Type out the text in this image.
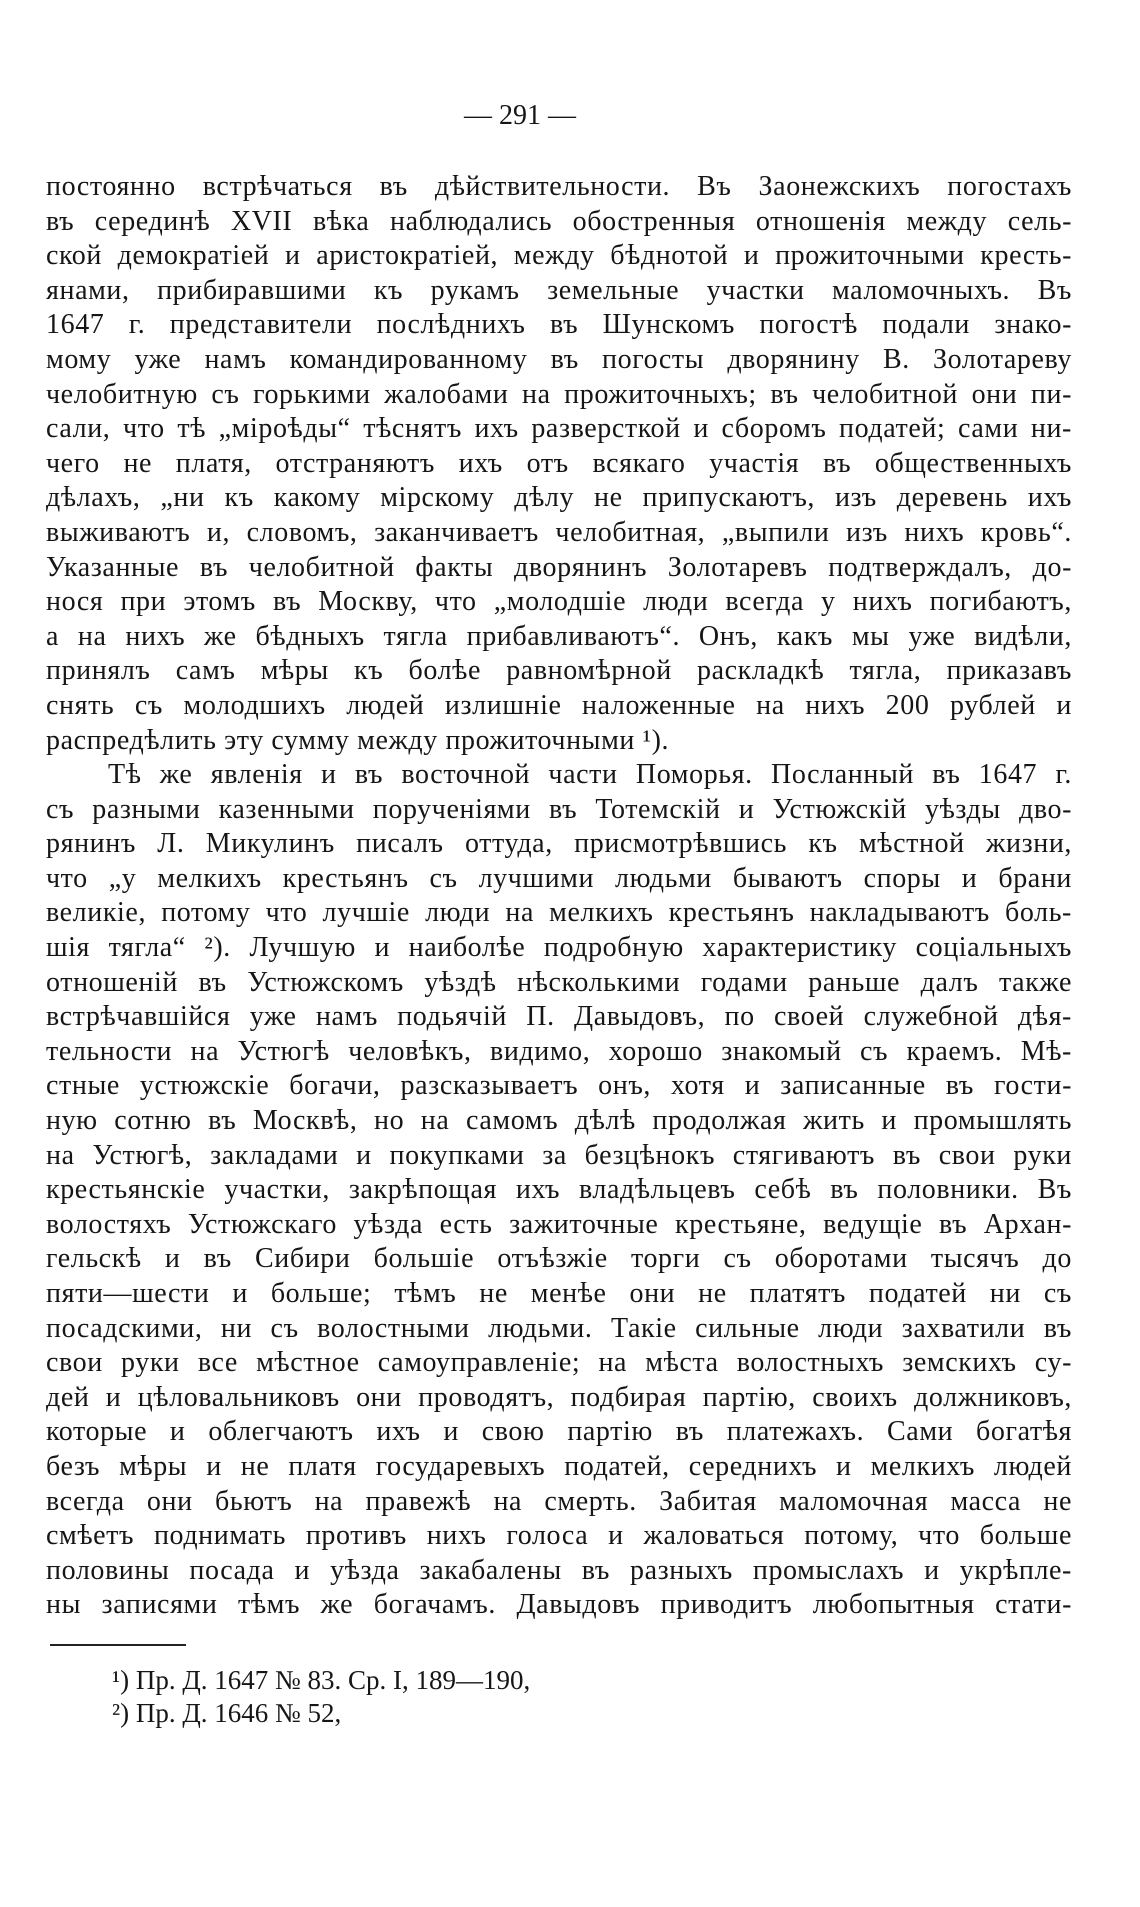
— 291 —
постоянно встрѣчаться въ дѣйствительности. Въ Заонежскихъ погостахъ
въ серединѣ XVII вѣка наблюдались обостренныя отношенія между сель-
ской демократіей и аристократіей, между бѣднотой и прожиточными кресть-
янами, прибиравшими къ рукамъ земельные участки маломочныхъ. Въ
1647 г. представители послѣднихъ въ Шунскомъ погостѣ подали знако-
мому уже намъ командированному въ погосты дворянину В. Золотареву
челобитную съ горькими жалобами на прожиточныхъ; въ челобитной они пи-
сали, что тѣ „міроѣды“ тѣснятъ ихъ разверсткой и сборомъ податей; сами ни-
чего не платя, отстраняютъ ихъ отъ всякаго участія въ общественныхъ
дѣлахъ, „ни къ какому мірскому дѣлу не припускаютъ, изъ деревень ихъ
выживаютъ и, словомъ, заканчиваетъ челобитная, „выпили изъ нихъ кровь“.
Указанные въ челобитной факты дворянинъ Золотаревъ подтверждалъ, до-
нося при этомъ въ Москву, что „молодшіе люди всегда у нихъ погибаютъ,
а на нихъ же бѣдныхъ тягла прибавливаютъ“. Онъ, какъ мы уже видѣли,
принялъ самъ мѣры къ болѣе равномѣрной раскладкѣ тягла, приказавъ
снять съ молодшихъ людей излишніе наложенные на нихъ 200 рублей и
распредѣлить эту сумму между прожиточными ¹).
Тѣ же явленія и въ восточной части Поморья. Посланный въ 1647 г.
съ разными казенными порученіями въ Тотемскій и Устюжскій уѣзды дво-
рянинъ Л. Микулинъ писалъ оттуда, присмотрѣвшись къ мѣстной жизни,
что „у мелкихъ крестьянъ съ лучшими людьми бываютъ споры и брани
великіе, потому что лучшіе люди на мелкихъ крестьянъ накладываютъ боль-
шія тягла“ ²). Лучшую и наиболѣе подробную характеристику соціальныхъ
отношеній въ Устюжскомъ уѣздѣ нѣсколькими годами раньше далъ также
встрѣчавшійся уже намъ подьячій П. Давыдовъ, по своей служебной дѣя-
тельности на Устюгѣ человѣкъ, видимо, хорошо знакомый съ краемъ. Мѣ-
стные устюжскіе богачи, разсказываетъ онъ, хотя и записанные въ гости-
ную сотню въ Москвѣ, но на самомъ дѣлѣ продолжая жить и промышлять
на Устюгѣ, закладами и покупками за безцѣнокъ стягиваютъ въ свои руки
крестьянскіе участки, закрѣпощая ихъ владѣльцевъ себѣ въ половники. Въ
волостяхъ Устюжскаго уѣзда есть зажиточные крестьяне, ведущіе въ Архан-
гельскѣ и въ Сибири большіе отъѣзжіе торги съ оборотами тысячъ до
пяти—шести и больше; тѣмъ не менѣе они не платятъ податей ни съ
посадскими, ни съ волостными людьми. Такіе сильные люди захватили въ
свои руки все мѣстное самоуправленіе; на мѣста волостныхъ земскихъ су-
дей и цѣловальниковъ они проводятъ, подбирая партію, своихъ должниковъ,
которые и облегчаютъ ихъ и свою партію въ платежахъ. Сами богатѣя
безъ мѣры и не платя государевыхъ податей, середнихъ и мелкихъ людей
всегда они бьютъ на правежѣ на смерть. Забитая маломочная масса не
смѣетъ поднимать противъ нихъ голоса и жаловаться потому, что больше
половины посада и уѣзда закабалены въ разныхъ промыслахъ и укрѣпле-
ны записями тѣмъ же богачамъ. Давыдовъ приводитъ любопытныя стати-
¹) Пр. Д. 1647 № 83. Ср. I, 189—190,
²) Пр. Д. 1646 № 52,
